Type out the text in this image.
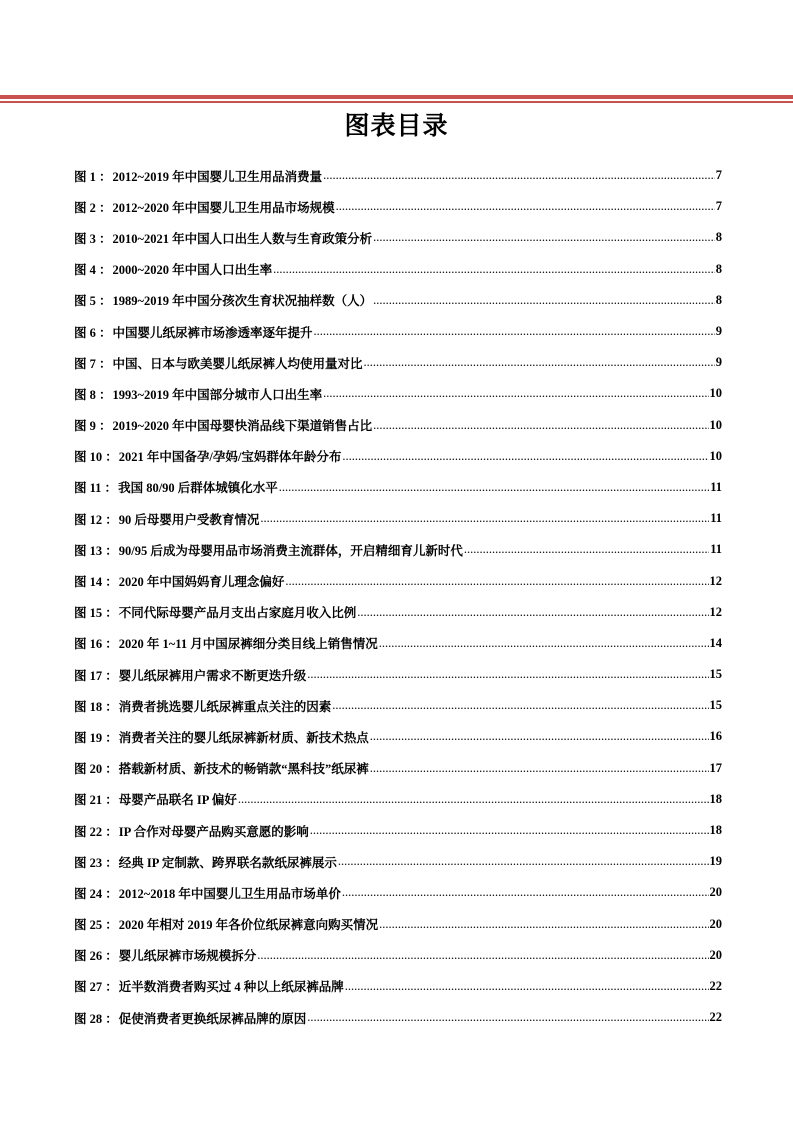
图表目录
图 1 ： 2012~2019 年中国婴儿卫生用品消费量 .....	7
图 2 ： 2012~2020 年中国婴儿卫生用品市场规模 .....	7
图 3 ： 2010~2021 年中国人口出生人数与生育政策分析 .....	8
图 4 ： 2000~2020 年中国人口出生率 .....	8
图 5 ： 1989~2019 年中国分孩次生育状况抽样数（人） .....	8
图 6 ： 中国婴儿纸尿裤市场渗透率逐年提升 .....	9
图 7 ： 中国、日本与欧美婴儿纸尿裤人均使用量对比 .....	9
图 8 ： 1993~2019 年中国部分城市人口出生率 .....	10
图 9 ： 2019~2020 年中国母婴快消品线下渠道销售占比 .....	10
图 10 ： 2021 年中国备孕/孕妈/宝妈群体年龄分布 .....	10
图 11 ： 我国 80/90 后群体城镇化水平 .....	11
图 12 ： 90 后母婴用户受教育情况 .....	11
图 13 ： 90/95 后成为母婴用品市场消费主流群体，开启精细育儿新时代 .....	11
图 14 ： 2020 年中国妈妈育儿理念偏好 .....	12
图 15 ： 不同代际母婴产品月支出占家庭月收入比例 .....	12
图 16 ： 2020 年 1~11 月中国尿裤细分类目线上销售情况 .....	14
图 17 ： 婴儿纸尿裤用户需求不断更迭升级 .....	15
图 18 ： 消费者挑选婴儿纸尿裤重点关注的因素 .....	15
图 19 ： 消费者关注的婴儿纸尿裤新材质、新技术热点 .....	16
图 20 ： 搭载新材质、新技术的畅销款“黑科技”纸尿裤 .....	17
图 21 ： 母婴产品联名 IP 偏好 .....	18
图 22 ： IP 合作对母婴产品购买意愿的影响 .....	18
图 23 ： 经典 IP 定制款、跨界联名款纸尿裤展示 .....	19
图 24 ： 2012~2018 年中国婴儿卫生用品市场单价 .....	20
图 25 ： 2020 年相对 2019 年各价位纸尿裤意向购买情况 .....	20
图 26 ： 婴儿纸尿裤市场规模拆分 .....	20
图 27 ： 近半数消费者购买过 4 种以上纸尿裤品牌 .....	22
图 28 ： 促使消费者更换纸尿裤品牌的原因 .....	22
